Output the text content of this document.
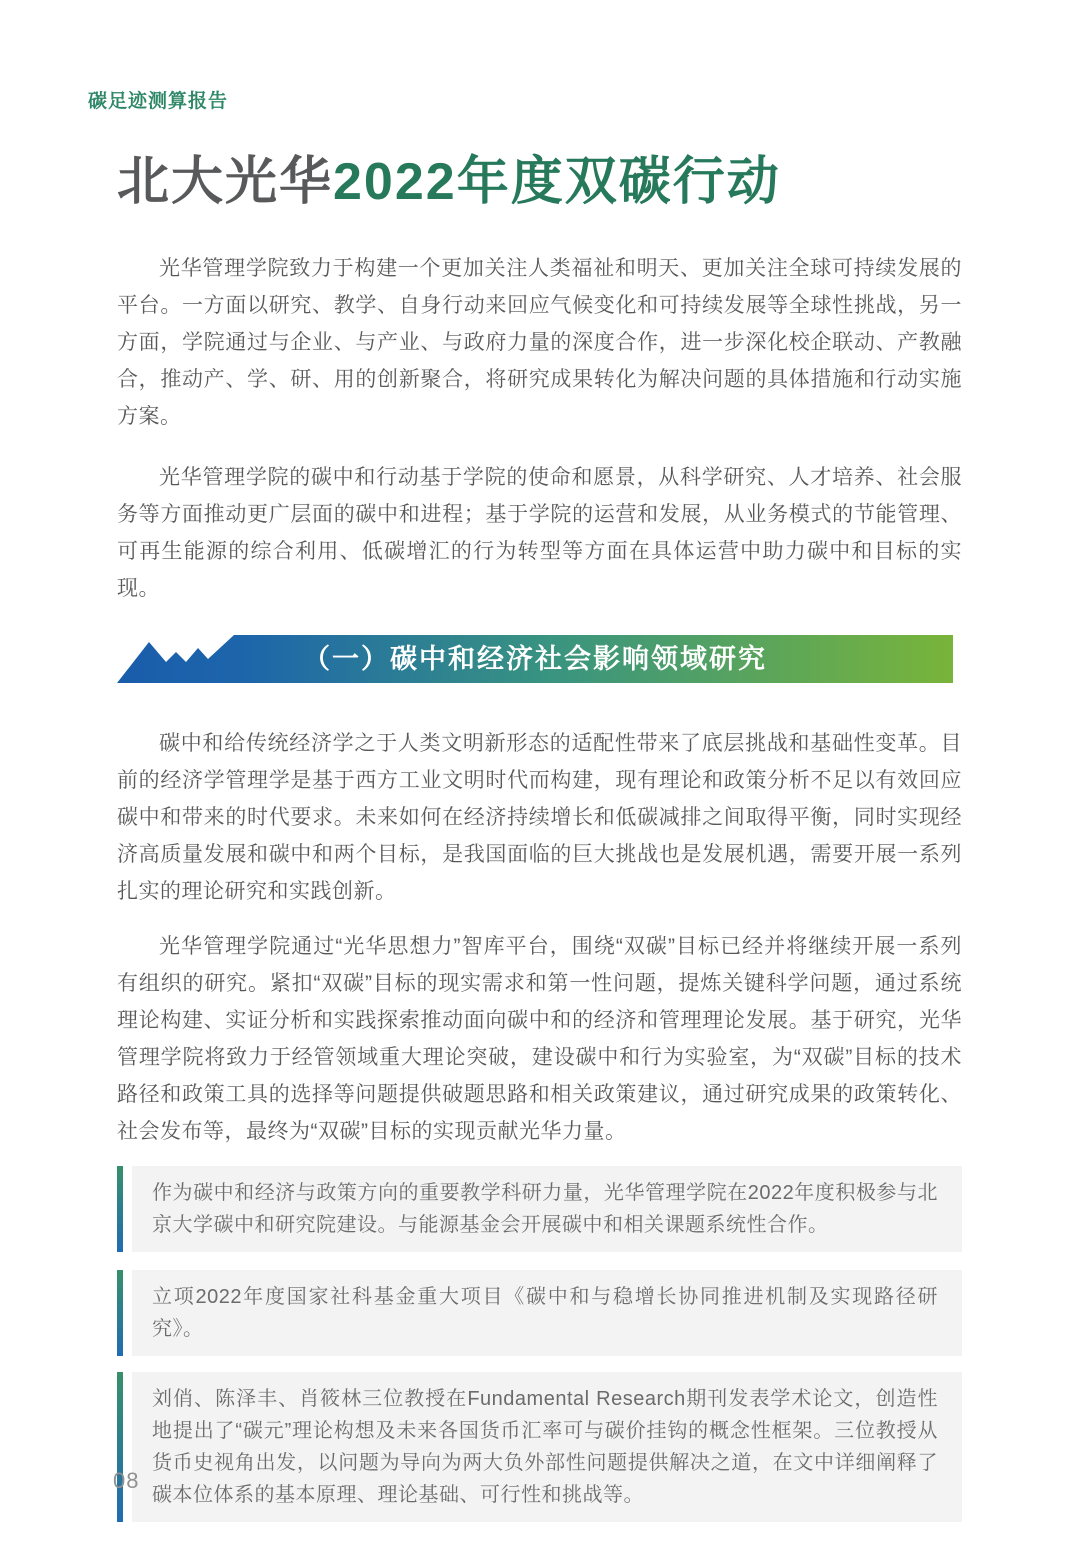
碳足迹测算报告
北大光华2022年度双碳行动

光华管理学院致力于构建一个更加关注人类福祉和明天、更加关注全球可持续发展的平台。一方面以研究、教学、自身行动来回应气候变化和可持续发展等全球性挑战，另一方面，学院通过与企业、与产业、与政府力量的深度合作，进一步深化校企联动、产教融合，推动产、学、研、用的创新聚合，将研究成果转化为解决问题的具体措施和行动实施方案。

光华管理学院的碳中和行动基于学院的使命和愿景，从科学研究、人才培养、社会服务等方面推动更广层面的碳中和进程；基于学院的运营和发展，从业务模式的节能管理、可再生能源的综合利用、低碳增汇的行为转型等方面在具体运营中助力碳中和目标的实现。

（一）碳中和经济社会影响领域研究

碳中和给传统经济学之于人类文明新形态的适配性带来了底层挑战和基础性变革。目前的经济学管理学是基于西方工业文明时代而构建，现有理论和政策分析不足以有效回应碳中和带来的时代要求。未来如何在经济持续增长和低碳减排之间取得平衡，同时实现经济高质量发展和碳中和两个目标，是我国面临的巨大挑战也是发展机遇，需要开展一系列扎实的理论研究和实践创新。

光华管理学院通过“光华思想力”智库平台，围绕“双碳”目标已经并将继续开展一系列有组织的研究。紧扣“双碳”目标的现实需求和第一性问题，提炼关键科学问题，通过系统理论构建、实证分析和实践探索推动面向碳中和的经济和管理理论发展。基于研究，光华管理学院将致力于经管领域重大理论突破，建设碳中和行为实验室，为“双碳”目标的技术路径和政策工具的选择等问题提供破题思路和相关政策建议，通过研究成果的政策转化、社会发布等，最终为“双碳”目标的实现贡献光华力量。

作为碳中和经济与政策方向的重要教学科研力量，光华管理学院在2022年度积极参与北京大学碳中和研究院建设。与能源基金会开展碳中和相关课题系统性合作。
立项2022年度国家社科基金重大项目《碳中和与稳增长协同推进机制及实现路径研究》。
刘俏、陈泽丰、肖筱林三位教授在Fundamental Research期刊发表学术论文，创造性地提出了“碳元”理论构想及未来各国货币汇率可与碳价挂钩的概念性框架。三位教授从货币史视角出发，以问题为导向为两大负外部性问题提供解决之道，在文中详细阐释了碳本位体系的基本原理、理论基础、可行性和挑战等。
08
